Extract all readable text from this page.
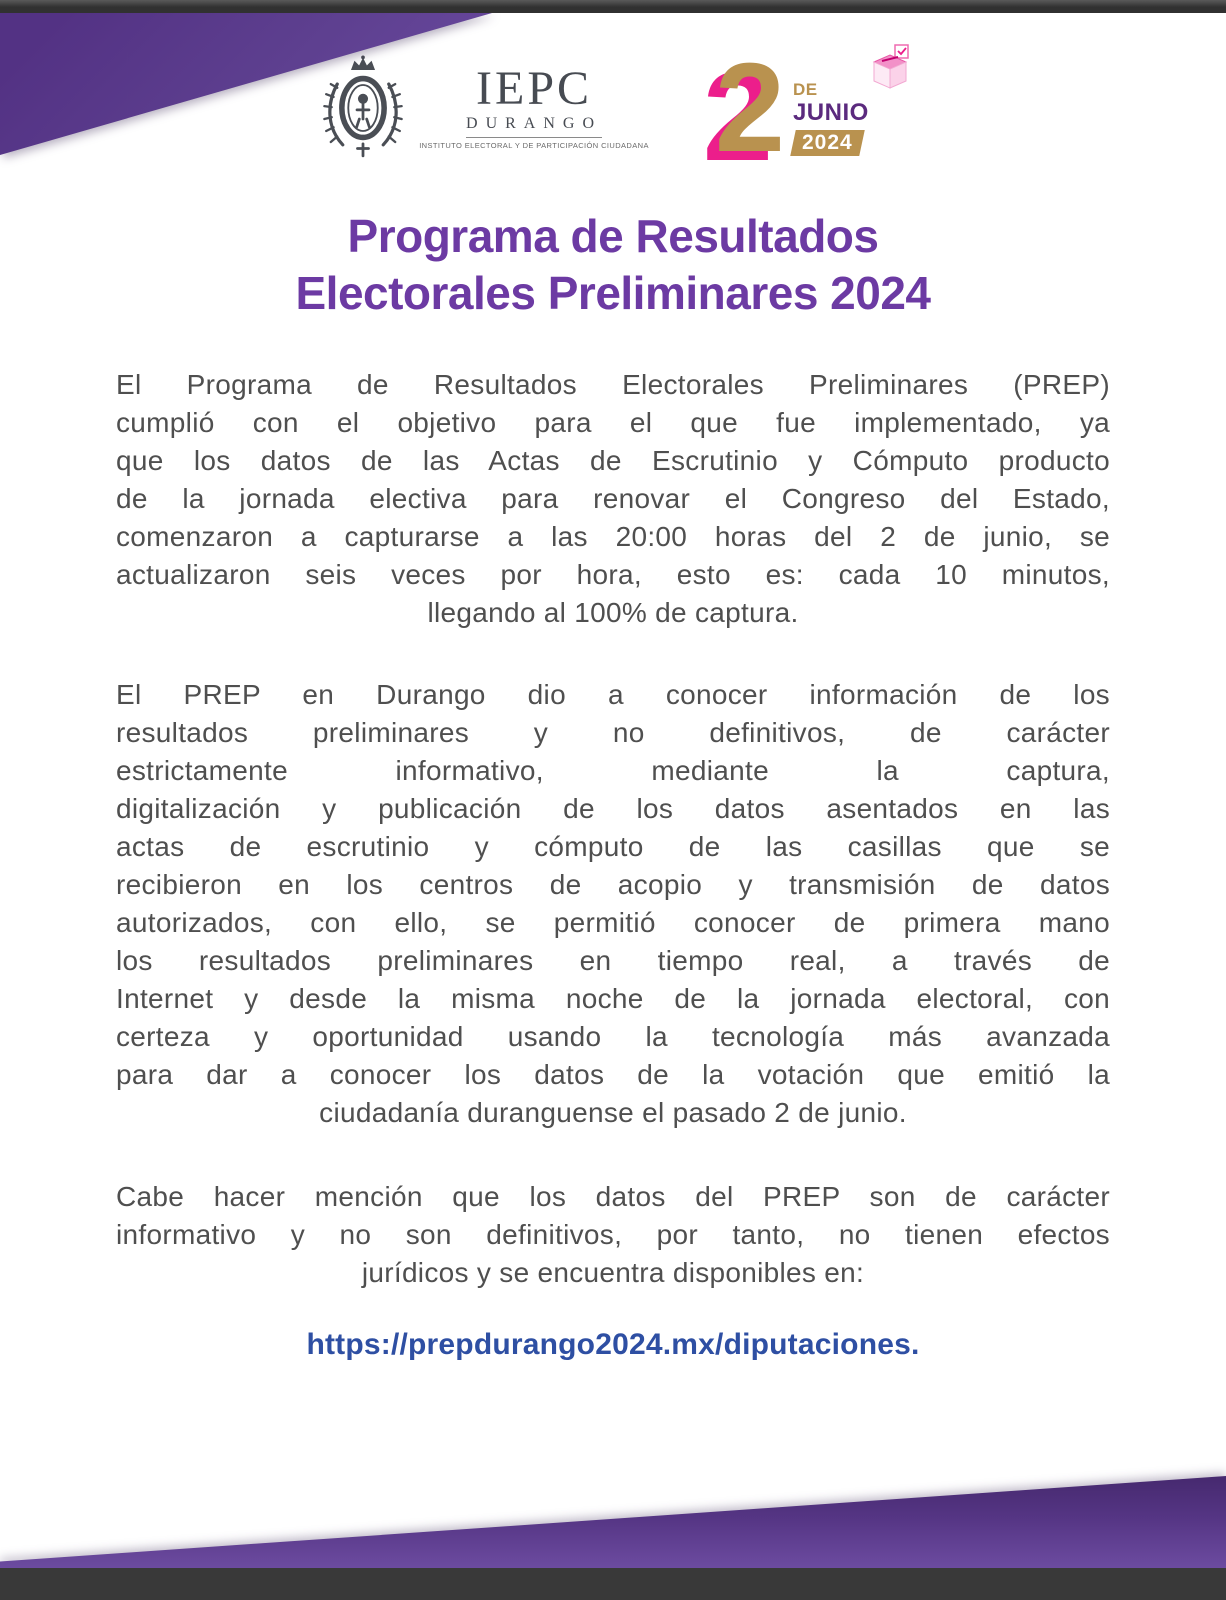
IEPC
DURANGO
INSTITUTO ELECTORAL Y DE PARTICIPACIÓN CIUDADANA 2 DE
JUNIO
2024
Programa de Resultados
Electorales Preliminares 2024
El Programa de Resultados Electorales Preliminares (PREP)
cumplió con el objetivo para el que fue implementado, ya
que los datos de las Actas de Escrutinio y Cómputo producto
de la jornada electiva para renovar el Congreso del Estado,
comenzaron a capturarse a las 20:00 horas del 2 de junio, se
actualizaron seis veces por hora, esto es: cada 10 minutos,
llegando al 100% de captura.
El PREP en Durango dio a conocer información de los
resultados preliminares y no definitivos, de carácter
estrictamente informativo, mediante la captura,
digitalización y publicación de los datos asentados en las
actas de escrutinio y cómputo de las casillas que se
recibieron en los centros de acopio y transmisión de datos
autorizados, con ello, se permitió conocer de primera mano
los resultados preliminares en tiempo real, a través de
Internet y desde la misma noche de la jornada electoral, con
certeza y oportunidad usando la tecnología más avanzada
para dar a conocer los datos de la votación que emitió la
ciudadanía duranguense el pasado 2 de junio.
Cabe hacer mención que los datos del PREP son de carácter
informativo y no son definitivos, por tanto, no tienen efectos
jurídicos y se encuentra disponibles en:
https://prepdurango2024.mx/diputaciones.
